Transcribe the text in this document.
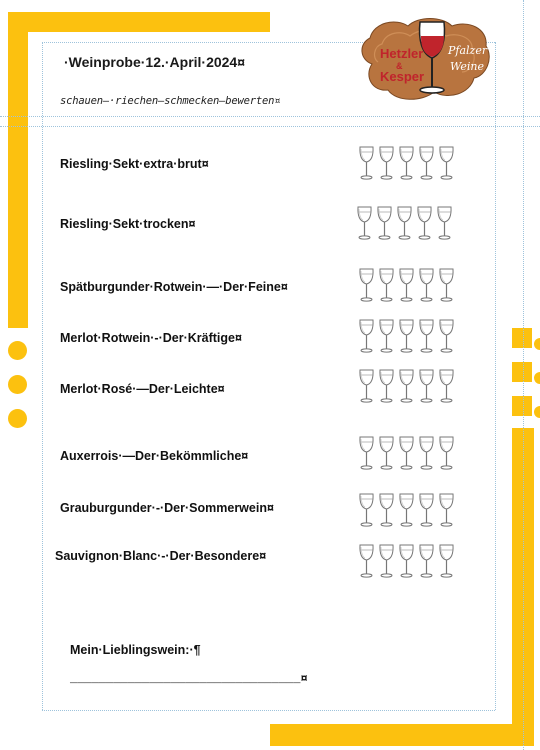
·Weinprobe·12.·April·2024¤
schauen—·riechen—schmecken—bewerten¤
Hetzler
&
Kesper
Pfalzer
Weine
Riesling·Sekt·extra·brut¤
Riesling·Sekt·trocken¤
Spätburgunder·Rotwein·—·Der·Feine¤
Merlot·Rotwein·-·Der·Kräftige¤
Merlot·Rosé·—Der·Leichte¤
Auxerrois·—Der·Bekömmliche¤
Grauburgunder·-·Der·Sommerwein¤
Sauvignon·Blanc·-·Der·Besondere¤
Mein·Lieblingswein:·¶
________________________________¤
